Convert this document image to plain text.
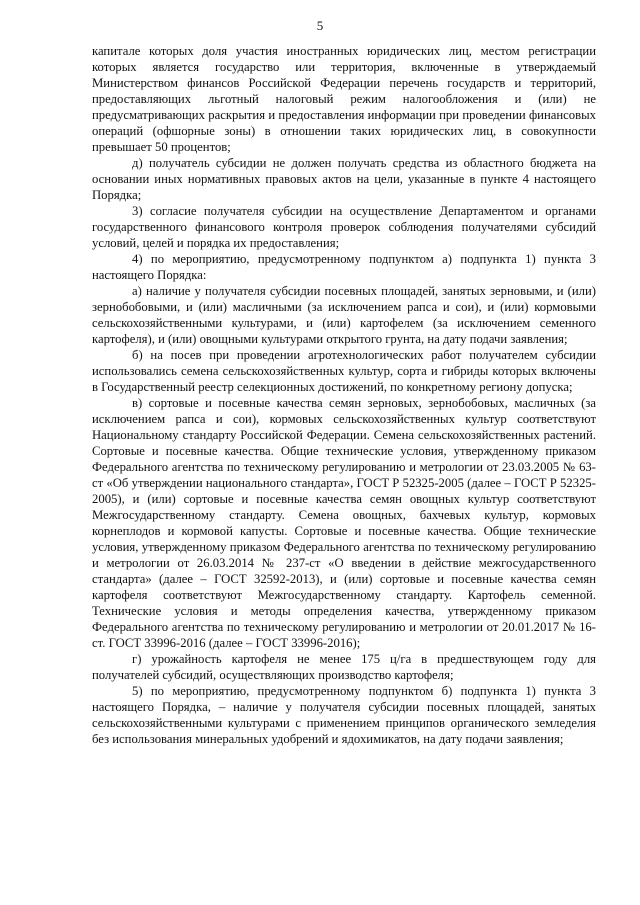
5

капитале которых доля участия иностранных юридических лиц, местом регистрации которых является государство или территория, включенные в утверждаемый Министерством финансов Российской Федерации перечень государств и территорий, предоставляющих льготный налоговый режим налогообложения и (или) не предусматривающих раскрытия и предоставления информации при проведении финансовых операций (офшорные зоны) в отношении таких юридических лиц, в совокупности превышает 50 процентов;

д) получатель субсидии не должен получать средства из областного бюджета на основании иных нормативных правовых актов на цели, указанные в пункте 4 настоящего Порядка;

3) согласие получателя субсидии на осуществление Департаментом и органами государственного финансового контроля проверок соблюдения получателями субсидий условий, целей и порядка их предоставления;

4) по мероприятию, предусмотренному подпунктом а) подпункта 1) пункта 3 настоящего Порядка:

а) наличие у получателя субсидии посевных площадей, занятых зерновыми, и (или) зернобобовыми, и (или) масличными (за исключением рапса и сои), и (или) кормовыми сельскохозяйственными культурами, и (или) картофелем (за исключением семенного картофеля), и (или) овощными культурами открытого грунта, на дату подачи заявления;

б) на посев при проведении агротехнологических работ получателем субсидии использовались семена сельскохозяйственных культур, сорта и гибриды которых включены в Государственный реестр селекционных достижений, по конкретному региону допуска;

в) сортовые и посевные качества семян зерновых, зернобобовых, масличных (за исключением рапса и сои), кормовых сельскохозяйственных культур соответствуют Национальному стандарту Российской Федерации. Семена сельскохозяйственных растений. Сортовые и посевные качества. Общие технические условия, утвержденному приказом Федерального агентства по техническому регулированию и метрологии от 23.03.2005 № 63-ст «Об утверждении национального стандарта», ГОСТ Р 52325-2005 (далее – ГОСТ Р 52325-2005), и (или) сортовые и посевные качества семян овощных культур соответствуют Межгосударственному стандарту. Семена овощных, бахчевых культур, кормовых корнеплодов и кормовой капусты. Сортовые и посевные качества. Общие технические условия, утвержденному приказом Федерального агентства по техническому регулированию и метрологии от 26.03.2014 № 237-ст «О введении в действие межгосударственного стандарта» (далее – ГОСТ 32592-2013), и (или) сортовые и посевные качества семян картофеля соответствуют Межгосударственному стандарту. Картофель семенной. Технические условия и методы определения качества, утвержденному приказом Федерального агентства по техническому регулированию и метрологии от 20.01.2017 № 16-ст. ГОСТ 33996-2016 (далее – ГОСТ 33996-2016);

г) урожайность картофеля не менее 175 ц/га в предшествующем году для получателей субсидий, осуществляющих производство картофеля;

5) по мероприятию, предусмотренному подпунктом б) подпункта 1) пункта 3 настоящего Порядка, – наличие у получателя субсидии посевных площадей, занятых сельскохозяйственными культурами с применением принципов органического земледелия без использования минеральных удобрений и ядохимикатов, на дату подачи заявления;
